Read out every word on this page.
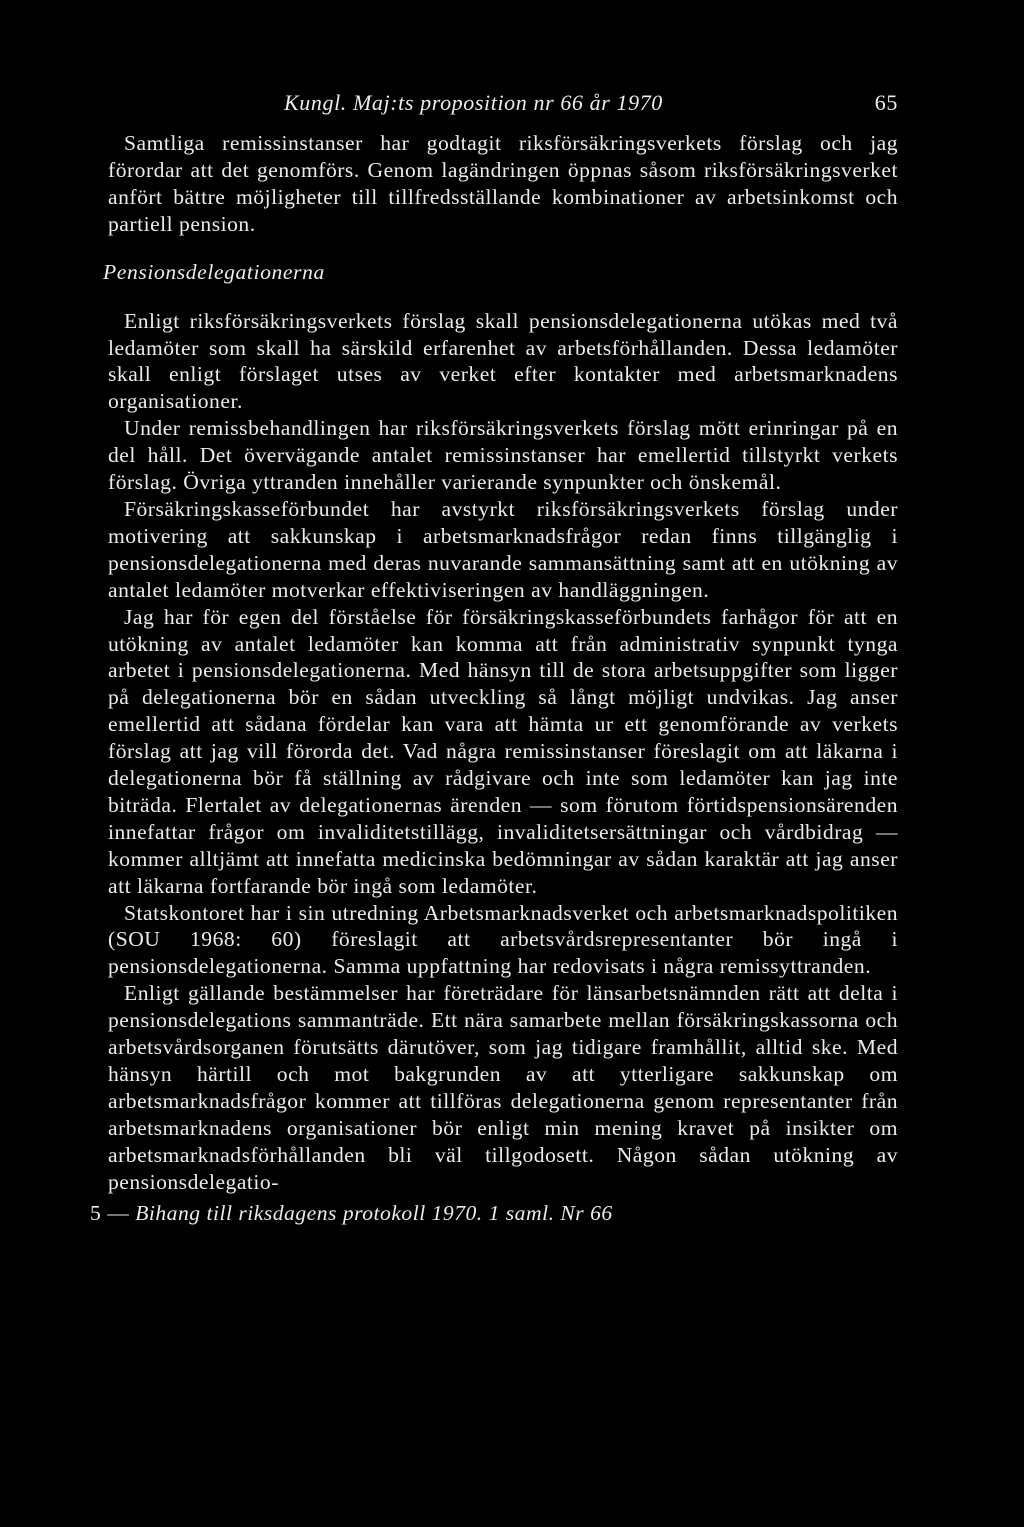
Kungl. Maj:ts proposition nr 66 år 1970	65

Samtliga remissinstanser har godtagit riksförsäkringsverkets förslag och jag förordar att det genomförs. Genom lagändringen öppnas såsom riksförsäkringsverket anfört bättre möjligheter till tillfredsställande kombinationer av arbetsinkomst och partiell pension.

Pensionsdelegationerna

Enligt riksförsäkringsverkets förslag skall pensionsdelegationerna utökas med två ledamöter som skall ha särskild erfarenhet av arbetsförhållanden. Dessa ledamöter skall enligt förslaget utses av verket efter kontakter med arbetsmarknadens organisationer.

Under remissbehandlingen har riksförsäkringsverkets förslag mött erinringar på en del håll. Det övervägande antalet remissinstanser har emellertid tillstyrkt verkets förslag. Övriga yttranden innehåller varierande synpunkter och önskemål.

Försäkringskasseförbundet har avstyrkt riksförsäkringsverkets förslag under motivering att sakkunskap i arbetsmarknadsfrågor redan finns tillgänglig i pensionsdelegationerna med deras nuvarande sammansättning samt att en utökning av antalet ledamöter motverkar effektiviseringen av handläggningen.

Jag har för egen del förståelse för försäkringskasseförbundets farhågor för att en utökning av antalet ledamöter kan komma att från administrativ synpunkt tynga arbetet i pensionsdelegationerna. Med hänsyn till de stora arbetsuppgifter som ligger på delegationerna bör en sådan utveckling så långt möjligt undvikas. Jag anser emellertid att sådana fördelar kan vara att hämta ur ett genomförande av verkets förslag att jag vill förorda det. Vad några remissinstanser föreslagit om att läkarna i delegationerna bör få ställning av rådgivare och inte som ledamöter kan jag inte biträda. Flertalet av delegationernas ärenden — som förutom förtidspensionsärenden innefattar frågor om invaliditetstillägg, invaliditetsersättningar och vårdbidrag — kommer alltjämt att innefatta medicinska bedömningar av sådan karaktär att jag anser att läkarna fortfarande bör ingå som ledamöter.

Statskontoret har i sin utredning Arbetsmarknadsverket och arbetsmarknadspolitiken (SOU 1968: 60) föreslagit att arbetsvårdsrepresentanter bör ingå i pensionsdelegationerna. Samma uppfattning har redovisats i några remissyttranden.

Enligt gällande bestämmelser har företrädare för länsarbetsnämnden rätt att delta i pensionsdelegations sammanträde. Ett nära samarbete mellan försäkringskassorna och arbetsvårdsorganen förutsätts därutöver, som jag tidigare framhållit, alltid ske. Med hänsyn härtill och mot bakgrunden av att ytterligare sakkunskap om arbetsmarknadsfrågor kommer att tillföras delegationerna genom representanter från arbetsmarknadens organisationer bör enligt min mening kravet på insikter om arbetsmarknadsförhållanden bli väl tillgodosett. Någon sådan utökning av pensionsdelegatio-

5 — Bihang till riksdagens protokoll 1970. 1 saml. Nr 66
